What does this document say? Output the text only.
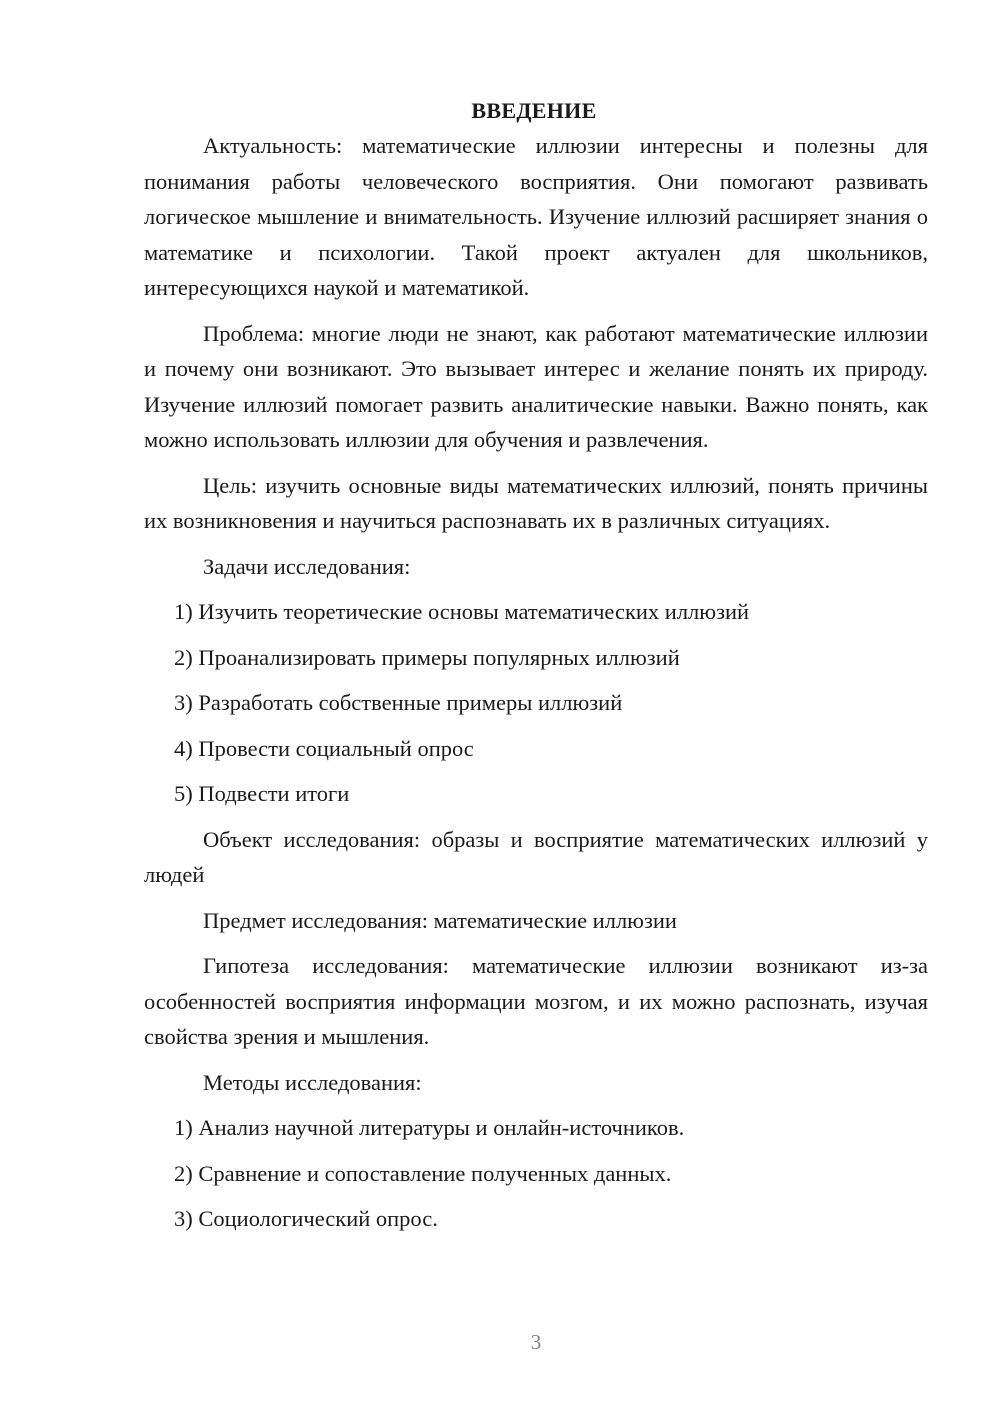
ВВЕДЕНИЕ

Актуальность: математические иллюзии интересны и полезны для понимания работы человеческого восприятия. Они помогают развивать логическое мышление и внимательность. Изучение иллюзий расширяет знания о математике и психологии. Такой проект актуален для школьников, интересующихся наукой и математикой.

Проблема: многие люди не знают, как работают математические иллюзии и почему они возникают. Это вызывает интерес и желание понять их природу. Изучение иллюзий помогает развить аналитические навыки. Важно понять, как можно использовать иллюзии для обучения и развлечения.

Цель: изучить основные виды математических иллюзий, понять причины их возникновения и научиться распознавать их в различных ситуациях.

Задачи исследования:

1) Изучить теоретические основы математических иллюзий

2) Проанализировать примеры популярных иллюзий

3) Разработать собственные примеры иллюзий

4) Провести социальный опрос

5) Подвести итоги

Объект исследования: образы и восприятие математических иллюзий у людей

Предмет исследования: математические иллюзии

Гипотеза исследования: математические иллюзии возникают из-за особенностей восприятия информации мозгом, и их можно распознать, изучая свойства зрения и мышления.

Методы исследования:

1) Анализ научной литературы и онлайн-источников.

2) Сравнение и сопоставление полученных данных.

3) Социологический опрос.

3
